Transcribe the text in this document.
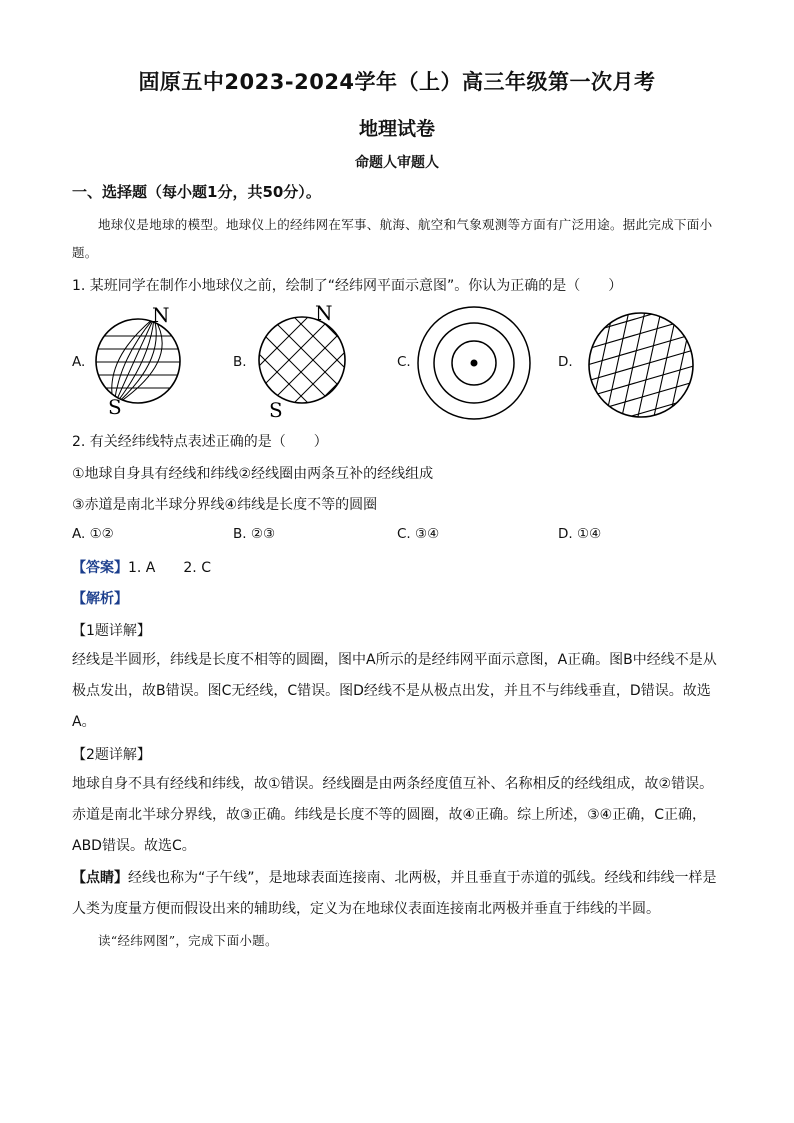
固原五中2023-2024学年（上）高三年级第一次月考
地理试卷
命题人审题人
一、选择题（每小题1分，共50分）。
地球仪是地球的模型。地球仪上的经纬网在军事、航海、航空和气象观测等方面有广泛用途。据此完成下面小题。
1. 某班同学在制作小地球仪之前，绘制了“经纬网平面示意图”。你认为正确的是（　　）
A.
N
S
B.
N
S
C.	D.
2. 有关经纬线特点表述正确的是（　　）
①地球自身具有经线和纬线②经线圈由两条互补的经线组成
③赤道是南北半球分界线④纬线是长度不等的圆圈
A. ①②	B. ②③	C. ③④	D. ①④
【答案】1. A　　2. C
【解析】
【1题详解】
经线是半圆形，纬线是长度不相等的圆圈，图中A所示的是经纬网平面示意图，A正确。图B中经线不是从极点发出，故B错误。图C无经线，C错误。图D经线不是从极点出发，并且不与纬线垂直，D错误。故选A。
【2题详解】
地球自身不具有经线和纬线，故①错误。经线圈是由两条经度值互补、名称相反的经线组成，故②错误。赤道是南北半球分界线，故③正确。纬线是长度不等的圆圈，故④正确。综上所述，③④正确，C正确，ABD错误。故选C。
【点睛】经线也称为“子午线”，是地球表面连接南、北两极，并且垂直于赤道的弧线。经线和纬线一样是人类为度量方便而假设出来的辅助线，定义为在地球仪表面连接南北两极并垂直于纬线的半圆。
读“经纬网图”，完成下面小题。
